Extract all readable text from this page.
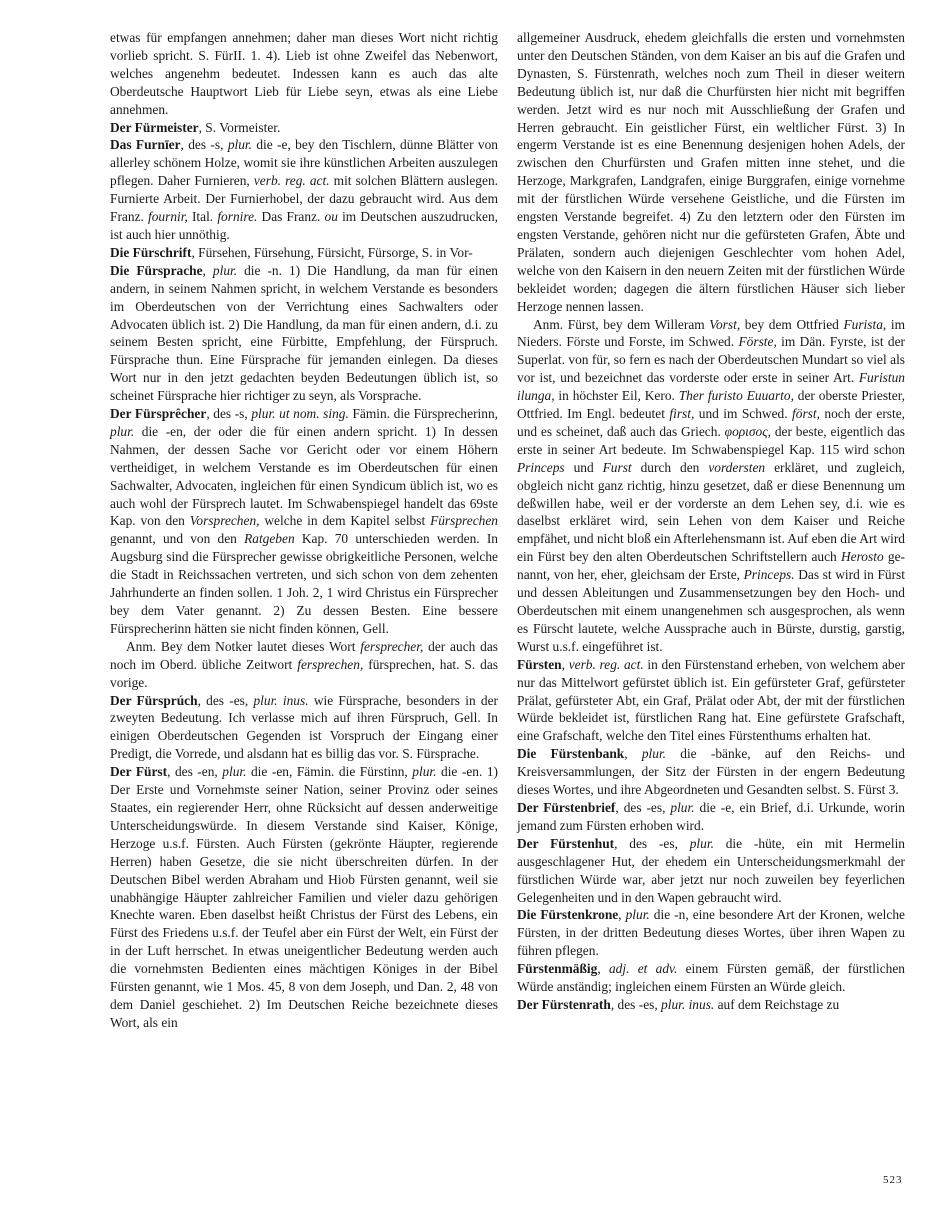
etwas für empfangen annehmen; daher man dieses Wort nicht richtig vorlieb spricht. S. FürII. 1. 4). Lieb ist ohne Zweifel das Nebenwort, welches angenehm bedeutet. Indessen kann es auch das alte Oberdeutsche Hauptwort Lieb für Liebe seyn, etwas als eine Liebe annehmen.

Der Fürmeister, S. Vormeister.

Das Furnīer, des -s, plur. die -e, bey den Tischlern, dünne Blätter von allerley schönem Holze, womit sie ihre künstlichen Arbeiten auszulegen pflegen. Daher Furnieren, verb. reg. act. mit solchen Blättern auslegen. Furnierte Arbeit. Der Furnierhobel, der dazu gebraucht wird. Aus dem Franz. fournir, Ital. fornire. Das Franz. ou im Deutschen auszudrucken, ist auch hier unnöthig.

Die Fürschrift, Fürsehen, Fürsehung, Fürsicht, Fürsorge, S. in Vor-

Die Fürsprache, plur. die -n. 1) Die Handlung, da man für einen andern, in seinem Nahmen spricht, in welchem Verstande es besonders im Oberdeutschen von der Verrichtung eines Sachwalters oder Advocaten üblich ist. 2) Die Handlung, da man für einen andern, d.i. zu seinem Besten spricht, eine Fürbitte, Empfehlung, der Fürspruch. Fürsprache thun. Eine Fürsprache für jemanden einlegen. Da dieses Wort nur in den jetzt gedachten beyden Bedeutungen üblich ist, so scheinet Fürsprache hier richtiger zu seyn, als Vorsprache.

Der Fürsprêcher, des -s, plur. ut nom. sing. Fämin. die Fürsprecherinn, plur. die -en, der oder die für einen andern spricht. 1) In dessen Nahmen, der dessen Sache vor Gericht oder vor einem Höhern vertheidiget, in welchem Verstande es im Oberdeutschen für einen Sachwalter, Advocaten, ingleichen für einen Syndicum üblich ist, wo es auch wohl der Fürsprech lautet. Im Schwabenspiegel handelt das 69ste Kap. von den Vorsprechen, welche in dem Kapitel selbst Fürsprechen genannt, und von den Ratgeben Kap. 70 unterschieden werden. In Augsburg sind die Fürsprecher gewisse obrigkeitliche Personen, welche die Stadt in Reichssachen vertreten, und sich schon von dem zehenten Jahrhunderte an finden sollen. 1 Joh. 2, 1 wird Christus ein Fürsprecher bey dem Vater genannt. 2) Zu dessen Besten. Eine bessere Fürsprecherinn hätten sie nicht finden können, Gell.

Anm. Bey dem Notker lautet dieses Wort fersprecher, der auch das noch im Oberd. übliche Zeitwort fersprechen, fürsprechen, hat. S. das vorige.

Der Fürsprúch, des -es, plur. inus. wie Fürsprache, besonders in der zweyten Bedeutung. Ich verlasse mich auf ihren Fürspruch, Gell. In einigen Oberdeutschen Gegenden ist Vorspruch der Eingang einer Predigt, die Vorrede, und alsdann hat es billig das vor. S. Fürsprache.

Der Fürst, des -en, plur. die -en, Fämin. die Fürstinn, plur. die -en. 1) Der Erste und Vornehmste seiner Nation, seiner Provinz oder seines Staates, ein regierender Herr, ohne Rücksicht auf dessen anderweitige Unterscheidungswürde. In diesem Verstande sind Kaiser, Könige, Herzoge u.s.f. Fürsten. Auch Fürsten (gekrönte Häupter, regierende Herren) haben Gesetze, die sie nicht überschreiten dürfen. In der Deutschen Bibel werden Abraham und Hiob Fürsten genannt, weil sie unabhängige Häupter zahlreicher Familien und vieler dazu gehörigen Knechte waren. Eben daselbst heißt Christus der Fürst des Lebens, ein Fürst des Friedens u.s.f. der Teufel aber ein Fürst der Welt, ein Fürst der in der Luft herrschet. In etwas uneigentlicher Bedeutung werden auch die vornehmsten Bedienten eines mächtigen Königes in der Bibel Fürsten genannt, wie 1 Mos. 45, 8 von dem Joseph, und Dan. 2, 48 von dem Daniel geschiehet. 2) Im Deutschen Reiche bezeichnete dieses Wort, als ein

allgemeiner Ausdruck, ehedem gleichfalls die ersten und vornehmsten unter den Deutschen Ständen, von dem Kaiser an bis auf die Grafen und Dynasten, S. Fürstenrath, welches noch zum Theil in dieser weitern Bedeutung üblich ist, nur daß die Churfürsten hier nicht mit begriffen werden. Jetzt wird es nur noch mit Ausschließung der Grafen und Herren gebraucht. Ein geistlicher Fürst, ein weltlicher Fürst. 3) In engerm Verstande ist es eine Benennung desjenigen hohen Adels, der zwischen den Churfürsten und Grafen mitten inne stehet, und die Herzoge, Markgrafen, Landgrafen, einige Burggrafen, einige vornehme mit der fürstlichen Würde versehene Geistliche, und die Fürsten im engsten Verstande begreifet. 4) Zu den letztern oder den Fürsten im engsten Verstande, gehören nicht nur die gefürsteten Grafen, Äbte und Prälaten, sondern auch diejenigen Geschlechter vom hohen Adel, welche von den Kaisern in den neuern Zeiten mit der fürstlichen Würde bekleidet worden; dagegen die ältern fürstlichen Häuser sich lieber Herzoge nennen lassen.

Anm. Fürst, bey dem Willeram Vorst, bey dem Ottfried Furista, im Nieders. Förste und Forste, im Schwed. Förste, im Dän. Fyrste, ist der Superlat. von für, so fern es nach der Oberdeutschen Mundart so viel als vor ist, und bezeichnet das vorderste oder erste in seiner Art. Furistun ilunga, in höchster Eil, Kero. Ther furisto Euuarto, der oberste Priester, Ottfried. Im Engl. bedeutet first, und im Schwed. först, noch der erste, und es scheinet, daß auch das Griech. φορισος, der beste, eigentlich das erste in seiner Art bedeute. Im Schwabenspiegel Kap. 115 wird schon Princeps und Furst durch den vordersten erkläret, und zugleich, obgleich nicht ganz richtig, hinzu gesetzet, daß er diese Benennung um deßwillen habe, weil er der vorderste an dem Lehen sey, d.i. wie es daselbst erkläret wird, sein Lehen von dem Kaiser und Reiche empfähet, und nicht bloß ein Afterlehensmann ist. Auf eben die Art wird ein Fürst bey den alten Oberdeutschen Schriftstellern auch Herosto genannt, von her, eher, gleichsam der Erste, Princeps. Das st wird in Fürst und dessen Ableitungen und Zusammensetzungen bey den Hoch- und Oberdeutschen mit einem unangenehmen sch ausgesprochen, als wenn es Fürscht lautete, welche Aussprache auch in Bürste, durstig, garstig, Wurst u.s.f. eingeführet ist.

Fürsten, verb. reg. act. in den Fürstenstand erheben, von welchem aber nur das Mittelwort gefürstet üblich ist. Ein gefürsteter Graf, gefürsteter Prälat, gefürsteter Abt, ein Graf, Prälat oder Abt, der mit der fürstlichen Würde bekleidet ist, fürstlichen Rang hat. Eine gefürstete Grafschaft, eine Grafschaft, welche den Titel eines Fürstenthums erhalten hat.

Die Fürstenbank, plur. die -bänke, auf den Reichs- und Kreisversammlungen, der Sitz der Fürsten in der engern Bedeutung dieses Wortes, und ihre Abgeordneten und Gesandten selbst. S. Fürst 3.

Der Fürstenbrief, des -es, plur. die -e, ein Brief, d.i. Urkunde, worin jemand zum Fürsten erhoben wird.

Der Fürstenhut, des -es, plur. die -hüte, ein mit Hermelin ausgeschlagener Hut, der ehedem ein Unterscheidungsmerkmahl der fürstlichen Würde war, aber jetzt nur noch zuweilen bey feyerlichen Gelegenheiten und in den Wapen gebraucht wird.

Die Fürstenkrone, plur. die -n, eine besondere Art der Kronen, welche Fürsten, in der dritten Bedeutung dieses Wortes, über ihren Wapen zu führen pflegen.

Fürstenmäßig, adj. et adv. einem Fürsten gemäß, der fürstlichen Würde anständig; ingleichen einem Fürsten an Würde gleich.

Der Fürstenrath, des -es, plur. inus. auf dem Reichstage zu

523
